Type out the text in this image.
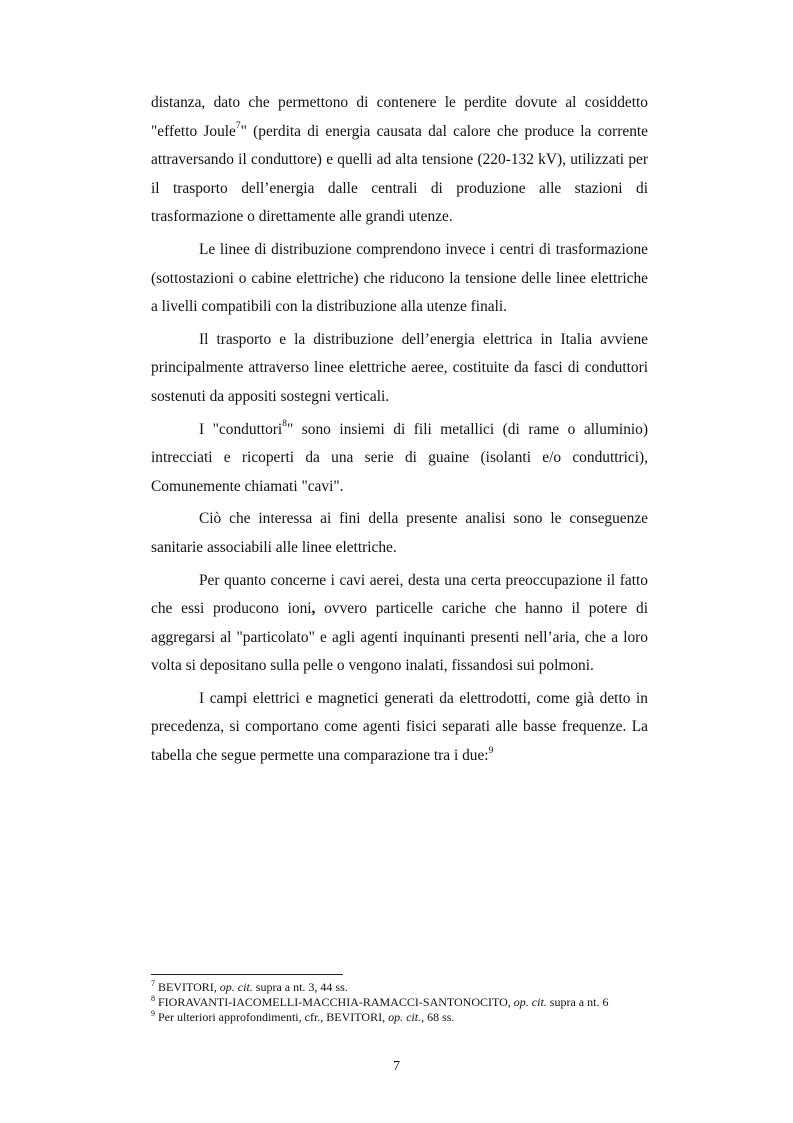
distanza, dato che permettono di contenere le perdite dovute al cosiddetto "effetto Joule$^7$" (perdita di energia causata dal calore che produce la corrente attraversando il conduttore) e quelli ad alta tensione (220-132 kV), utilizzati per il trasporto dell’energia dalle centrali di produzione alle stazioni di trasformazione o direttamente alle grandi utenze.

Le linee di distribuzione comprendono invece i centri di trasformazione (sottostazioni o cabine elettriche) che riducono la tensione delle linee elettriche a livelli compatibili con la distribuzione alla utenze finali.

Il trasporto e la distribuzione dell’energia elettrica in Italia avviene principalmente attraverso linee elettriche aeree, costituite da fasci di conduttori sostenuti da appositi sostegni verticali.

I "conduttori$^8$" sono insiemi di fili metallici (di rame o alluminio) intrecciati e ricoperti da una serie di guaine (isolanti e/o conduttrici), Comunemente chiamati "cavi".

Ciò che interessa ai fini della presente analisi sono le conseguenze sanitarie associabili alle linee elettriche.

Per quanto concerne i cavi aerei, desta una certa preoccupazione il fatto che essi producono ioni, ovvero particelle cariche che hanno il potere di aggregarsi al "particolato" e agli agenti inquinanti presenti nell’aria, che a loro volta si depositano sulla pelle o vengono inalati, fissandosi sui polmoni.

I campi elettrici e magnetici generati da elettrodotti, come già detto in precedenza, si comportano come agenti fisici separati alle basse frequenze. La tabella che segue permette una comparazione tra i due:$^9$

$^7$ BEVITORI, op. cit. supra a nt. 3, 44 ss.
$^8$ FIORAVANTI-IACOMELLI-MACCHIA-RAMACCI-SANTONOCITO, op. cit. supra a nt. 6
$^9$ Per ulteriori approfondimenti, cfr., BEVITORI, op. cit., 68 ss.
7
